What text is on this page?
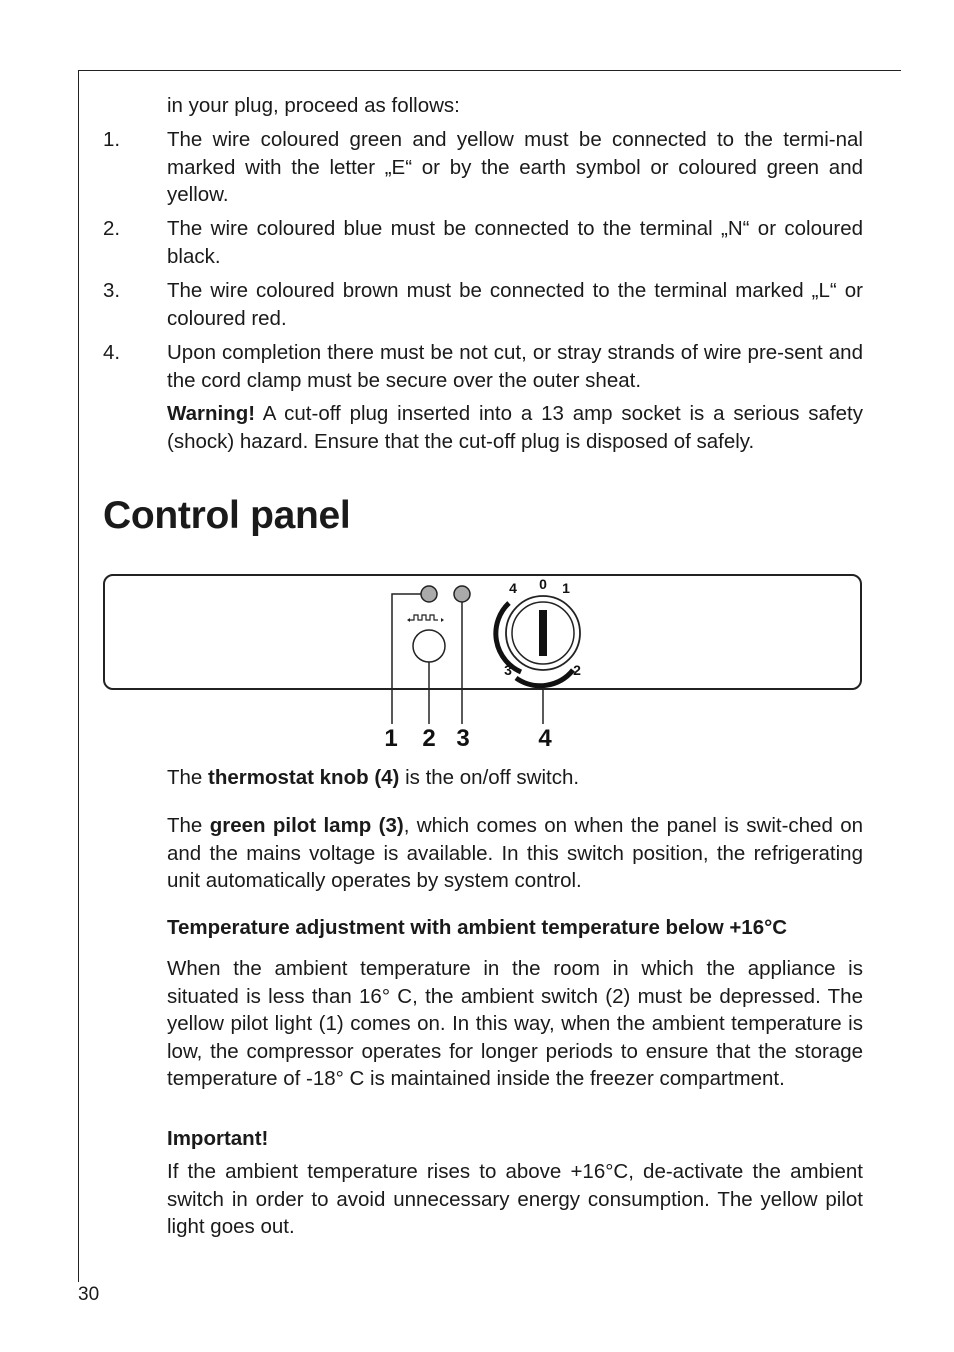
in your plug, proceed as follows:
1. The wire coloured green and yellow must be connected to the termi-nal marked with the letter „E“ or by the earth symbol or coloured green and yellow.
2. The wire coloured blue must be connected to the terminal „N“ or coloured black.
3. The wire coloured brown must be connected to the terminal marked „L“ or coloured red.
4. Upon completion there must be not cut, or stray strands of wire pre-sent and the cord clamp must be secure over the outer sheat.
Warning! A cut-off plug inserted into a 13 amp socket is a serious safety (shock) hazard. Ensure that the cut-off plug is disposed of safely.
Control panel
0 1
2
3
4
1 2 3	4
The thermostat knob (4) is the on/off switch.
The green pilot lamp (3), which comes on when the panel is swit-ched on and the mains voltage is available. In this switch position, the refrigerating unit automatically operates by system control.
Temperature adjustment with ambient temperature below +16°C
When the ambient temperature in the room in which the appliance is situated is less than 16° C, the ambient switch (2) must be depressed. The yellow pilot light (1) comes on. In this way, when the ambient temperature is low, the compressor operates for longer periods to ensure that the storage temperature of -18° C is maintained inside the freezer compartment.
Important!
If the ambient temperature rises to above +16°C, de-activate the ambient switch in order to avoid unnecessary energy consumption. The yellow pilot light goes out.
30
